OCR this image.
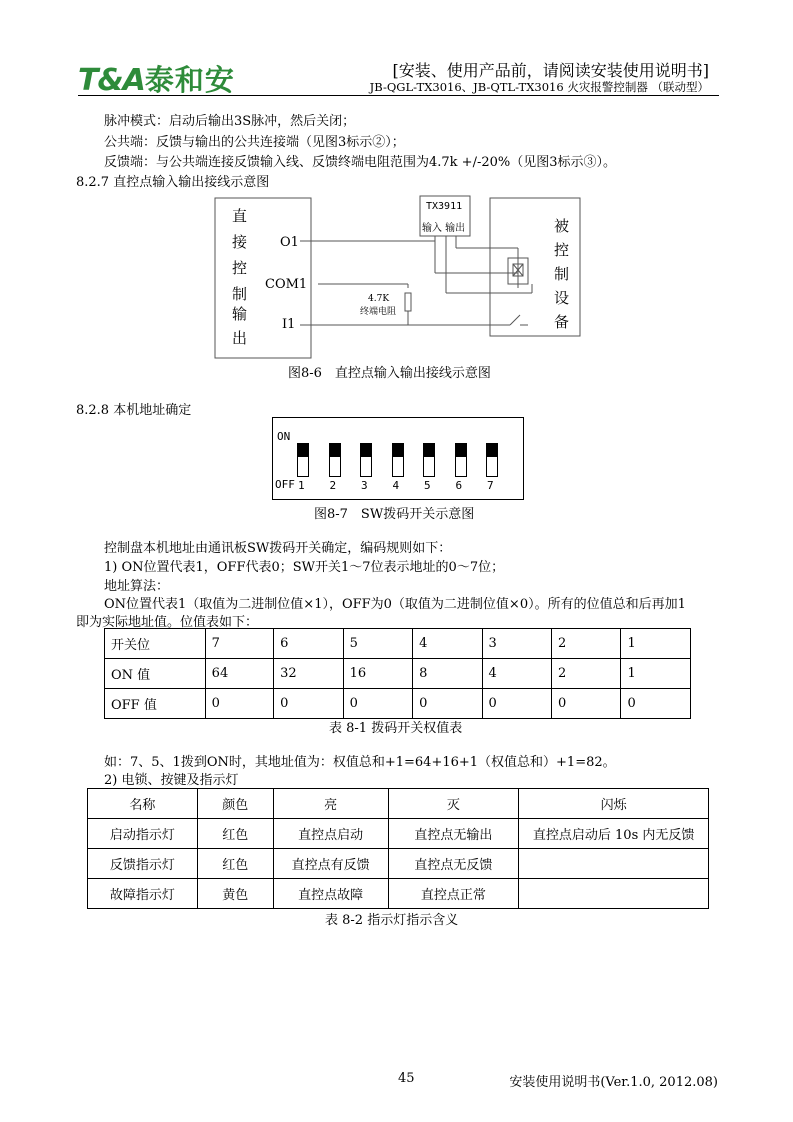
T&A泰和安	[安装、使用产品前，请阅读安装使用说明书]
JB-QGL-TX3016、JB-QTL-TX3016 火灾报警控制器 （联动型）
脉冲模式：启动后输出3S脉冲，然后关闭；
公共端：反馈与输出的公共连接端（见图3标示②）；
反馈端：与公共端连接反馈输入线、反馈终端电阻范围为4.7k +/-20%（见图3标示③）。
8.2.7 直控点输入输出接线示意图
直
接
控
制
输
出
被
控
制
设
备
O1
COM1
I1
TX3911
输入 输出
4.7K
终端电阻
图8-6　直控点输入输出接线示意图
8.2.8 本机地址确定
ON
OFF 1 2 3 4 5 6 7
图8-7　SW拨码开关示意图
控制盘本机地址由通讯板SW拨码开关确定，编码规则如下：
1) ON位置代表1，OFF代表0；SW开关1～7位表示地址的0～7位；
地址算法：
ON位置代表1（取值为二进制位值×1），OFF为0（取值为二进制位值×0）。所有的位值总和后再加1
即为实际地址值。位值表如下：
开关位	7	6	5	4	3	2	1
ON 值	64	32	16	8	4	2	1
OFF 值	0	0	0	0	0	0	0
表 8-1 拨码开关权值表
如：7、5、1拨到ON时，其地址值为：权值总和+1=64+16+1（权值总和）+1=82。
2) 电锁、按键及指示灯
名称	颜色	亮	灭	闪烁
启动指示灯	红色	直控点启动	直控点无输出	直控点启动后 10s 内无反馈
反馈指示灯	红色	直控点有反馈	直控点无反馈	
故障指示灯	黄色	直控点故障	直控点正常	
表 8-2 指示灯指示含义
45	安装使用说明书(Ver.1.0, 2012.08)
